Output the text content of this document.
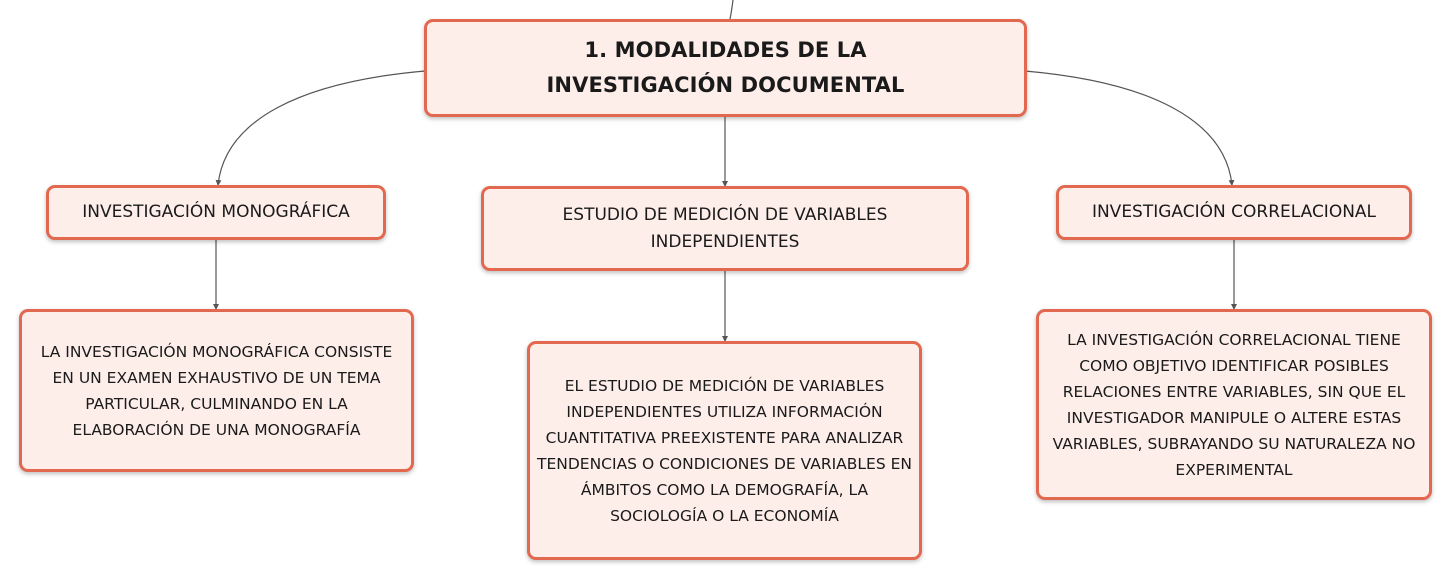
1. MODALIDADES DE LA INVESTIGACIÓN DOCUMENTAL
INVESTIGACIÓN MONOGRÁFICA	ESTUDIO DE MEDICIÓN DE VARIABLES INDEPENDIENTES
INVESTIGACIÓN CORRELACIONAL
LA INVESTIGACIÓN MONOGRÁFICA CONSISTE EN UN EXAMEN EXHAUSTIVO DE UN TEMA PARTICULAR, CULMINANDO EN LA ELABORACIÓN DE UNA MONOGRAFÍA
EL ESTUDIO DE MEDICIÓN DE VARIABLES INDEPENDIENTES UTILIZA INFORMACIÓN CUANTITATIVA PREEXISTENTE PARA ANALIZAR TENDENCIAS O CONDICIONES DE VARIABLES EN ÁMBITOS COMO LA DEMOGRAFÍA, LA SOCIOLOGÍA O LA ECONOMÍA
LA INVESTIGACIÓN CORRELACIONAL TIENE COMO OBJETIVO IDENTIFICAR POSIBLES RELACIONES ENTRE VARIABLES, SIN QUE EL INVESTIGADOR MANIPULE O ALTERE ESTAS VARIABLES, SUBRAYANDO SU NATURALEZA NO EXPERIMENTAL
